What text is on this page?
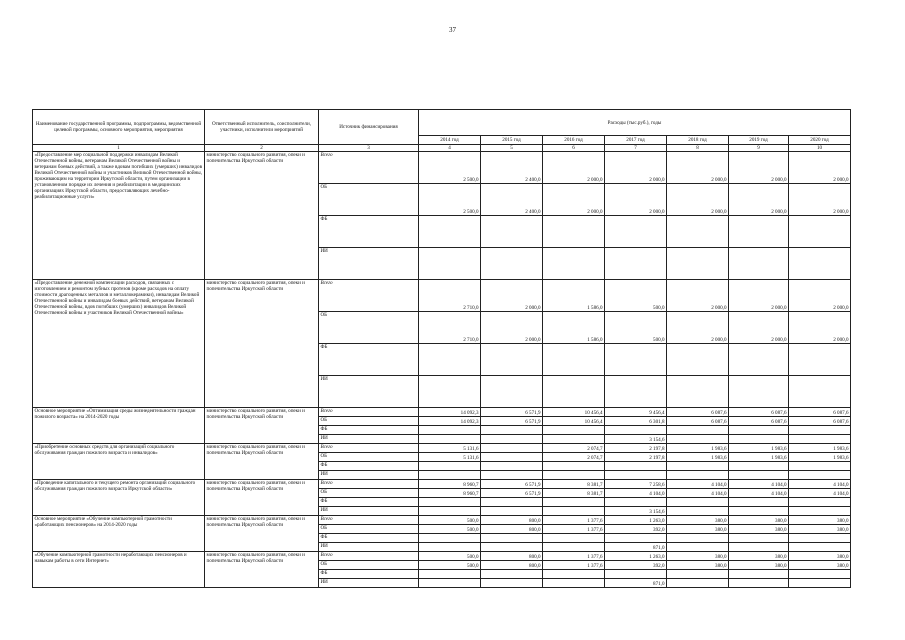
37
Наименование государственной программы, подпрограммы, ведомственной целевой программы, основного мероприятия, мероприятия	Ответственный исполнитель, соисполнители, участники, исполнители мероприятий	Источник финансирования	Расходы (тыс.руб.), годы						
			2014 год	2015 год	2016 год	2017 год	2018 год	2019 год	2020 год
1	2	3	4	5	6	7	8	9	10
«Предоставление мер социальной поддержки инвалидам Великой Отечественной войны, ветеранам Великой Отечественной войны и ветеранам боевых действий, а также вдовам погибших (умерших) инвалидов Великой Отечественной войны и участников Великой Отечественной войны, проживающим на территории Иркутской области, путем организации в установленном порядке их лечения и реабилитации в медицинских организациях Иркутской области, предоставляющих лечебно-реабилитационные услуги»	министерство социального развития, опеки и попечительства Иркутской области	Всего	2 500,0	2 400,0	2 000,0	2 000,0	2 000,0	2 000,0	2 000,0
		ОБ	2 500,0	2 400,0	2 000,0	2 000,0	2 000,0	2 000,0	2 000,0
		ФБ							
		ИИ							
«Предоставление денежной компенсации расходов, связанных с изготовлением и ремонтом зубных протезов (кроме расходов на оплату стоимости драгоценных металлов и металлокерамики), инвалидам Великой Отечественной войны и инвалидам боевых действий, ветеранам Великой Отечественной войны, вдов погибших (умерших) инвалидов Великой Отечественной войны и участников Великой Отечественной войны»	министерство социального развития, опеки и попечительства Иркутской области	Всего	2 710,0	2 000,0	1 586,0	500,0	2 000,0	2 000,0	2 000,0
		ОБ	2 710,0	2 000,0	1 586,0	500,0	2 000,0	2 000,0	2 000,0
		ФБ							
		ИИ							
Основное мероприятие «Оптимизация среды жизнедеятельности граждан пожилого возраста» на 2014-2020 годы	министерство социального развития, опеки и попечительства Иркутской области	Всего	14 092,3	6 571,9	10 456,4	9 456,4	6 087,6	6 087,6	6 087,6
		ОБ	14 092,3	6 571,9	10 456,4	6 301,8	6 087,6	6 087,6	6 087,6
		ФБ							
		ИИ				3 154,6			
«Приобретение основных средств для организаций социального обслуживания граждан пожилого возраста и инвалидов»	министерство социального развития, опеки и попечительства Иркутской области	Всего	5 131,6		2 074,7	2 197,8	1 983,6	1 983,6	1 983,6
		ОБ	5 131,6		2 074,7	2 197,8	1 983,6	1 983,6	1 983,6
		ФБ							
		ИИ							
«Проведение капитального и текущего ремонта организаций социального обслуживания граждан пожилого возраста Иркутской области»	министерство социального развития, опеки и попечительства Иркутской области	Всего	8 960,7	6 571,9	8 381,7	7 258,6	4 104,0	4 104,0	4 104,0
		ОБ	8 960,7	6 571,9	8 381,7	4 104,0	4 104,0	4 104,0	4 104,0
		ФБ							
		ИИ				3 154,6			
Основное мероприятие «Обучение компьютерной грамотности «работающих пенсионеров» на 2014-2020 годы	министерство социального развития, опеки и попечительства Иркутской области	Всего	500,0	800,0	1 377,6	1 263,0	380,0	380,0	380,0
		ОБ	500,0	800,0	1 377,6	392,0	380,0	380,0	380,0
		ФБ							
		ИИ				871,0			
«Обучение компьютерной грамотности неработающих пенсионеров и навыкам работы в сети Интернет»	министерство социального развития, опеки и попечительства Иркутской области	Всего	500,0	800,0	1 377,6	1 263,0	380,0	380,0	380,0
		ОБ	500,0	800,0	1 377,6	392,0	380,0	380,0	380,0
		ФБ							
		ИИ				871,0			
